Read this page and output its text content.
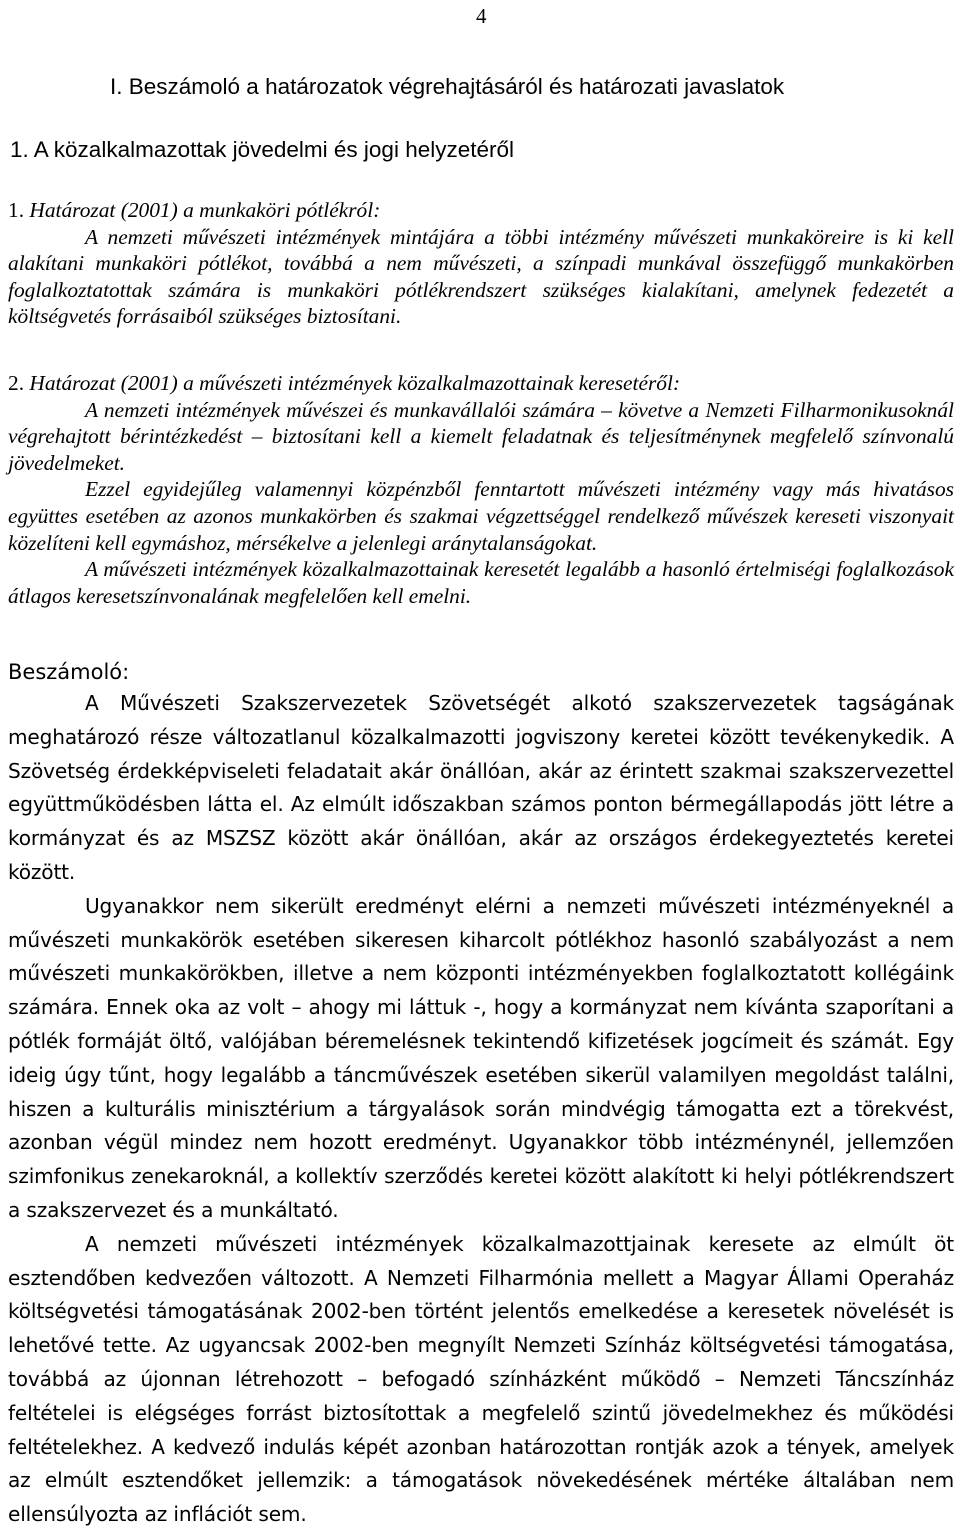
4
I. Beszámoló a határozatok végrehajtásáról és határozati javaslatok
1. A közalkalmazottak jövedelmi és jogi helyzetéről

1. Határozat (2001) a munkaköri pótlékról:

A nemzeti művészeti intézmények mintájára a többi intézmény művészeti munkaköreire is ki kell alakítani munkaköri pótlékot, továbbá a nem művészeti, a színpadi munkával összefüggő munkakörben foglalkoztatottak számára is munkaköri pótlékrendszert szükséges kialakítani, amelynek fedezetét a költségvetés forrásaiból szükséges biztosítani.

2. Határozat (2001) a művészeti intézmények közalkalmazottainak keresetéről:

A nemzeti intézmények művészei és munkavállalói számára – követve a Nemzeti Filharmonikusoknál végrehajtott bérintézkedést – biztosítani kell a kiemelt feladatnak és teljesítménynek megfelelő színvonalú jövedelmeket.

Ezzel egyidejűleg valamennyi közpénzből fenntartott művészeti intézmény vagy más hivatásos együttes esetében az azonos munkakörben és szakmai végzettséggel rendelkező művészek kereseti viszonyait közelíteni kell egymáshoz, mérsékelve a jelenlegi aránytalanságokat.

A művészeti intézmények közalkalmazottainak keresetét legalább a hasonló értelmiségi foglalkozások átlagos keresetszínvonalának megfelelően kell emelni.

Beszámoló:

A Művészeti Szakszervezetek Szövetségét alkotó szakszervezetek tagságának meghatározó része változatlanul közalkalmazotti jogviszony keretei között tevékenykedik. A Szövetség érdekképviseleti feladatait akár önállóan, akár az érintett szakmai szakszervezettel együttműködésben látta el. Az elmúlt időszakban számos ponton bérmegállapodás jött létre a kormányzat és az MSZSZ között akár önállóan, akár az országos érdekegyeztetés keretei között.

Ugyanakkor nem sikerült eredményt elérni a nemzeti művészeti intézményeknél a művészeti munkakörök esetében sikeresen kiharcolt pótlékhoz hasonló szabályozást a nem művészeti munkakörökben, illetve a nem központi intézményekben foglalkoztatott kollégáink számára. Ennek oka az volt – ahogy mi láttuk -, hogy a kormányzat nem kívánta szaporítani a pótlék formáját öltő, valójában béremelésnek tekintendő kifizetések jogcímeit és számát. Egy ideig úgy tűnt, hogy legalább a táncművészek esetében sikerül valamilyen megoldást találni, hiszen a kulturális minisztérium a tárgyalások során mindvégig támogatta ezt a törekvést, azonban végül mindez nem hozott eredményt. Ugyanakkor több intézménynél, jellemzően szimfonikus zenekaroknál, a kollektív szerződés keretei között alakított ki helyi pótlékrendszert a szakszervezet és a munkáltató.

A nemzeti művészeti intézmények közalkalmazottjainak keresete az elmúlt öt esztendőben kedvezően változott. A Nemzeti Filharmónia mellett a Magyar Állami Operaház költségvetési támogatásának 2002-ben történt jelentős emelkedése a keresetek növelését is lehetővé tette. Az ugyancsak 2002-ben megnyílt Nemzeti Színház költségvetési támogatása, továbbá az újonnan létrehozott – befogadó színházként működő – Nemzeti Táncszínház feltételei is elégséges forrást biztosítottak a megfelelő szintű jövedelmekhez és működési feltételekhez. A kedvező indulás képét azonban határozottan rontják azok a tények, amelyek az elmúlt esztendőket jellemzik: a támogatások növekedésének mértéke általában nem ellensúlyozta az inflációt sem.
